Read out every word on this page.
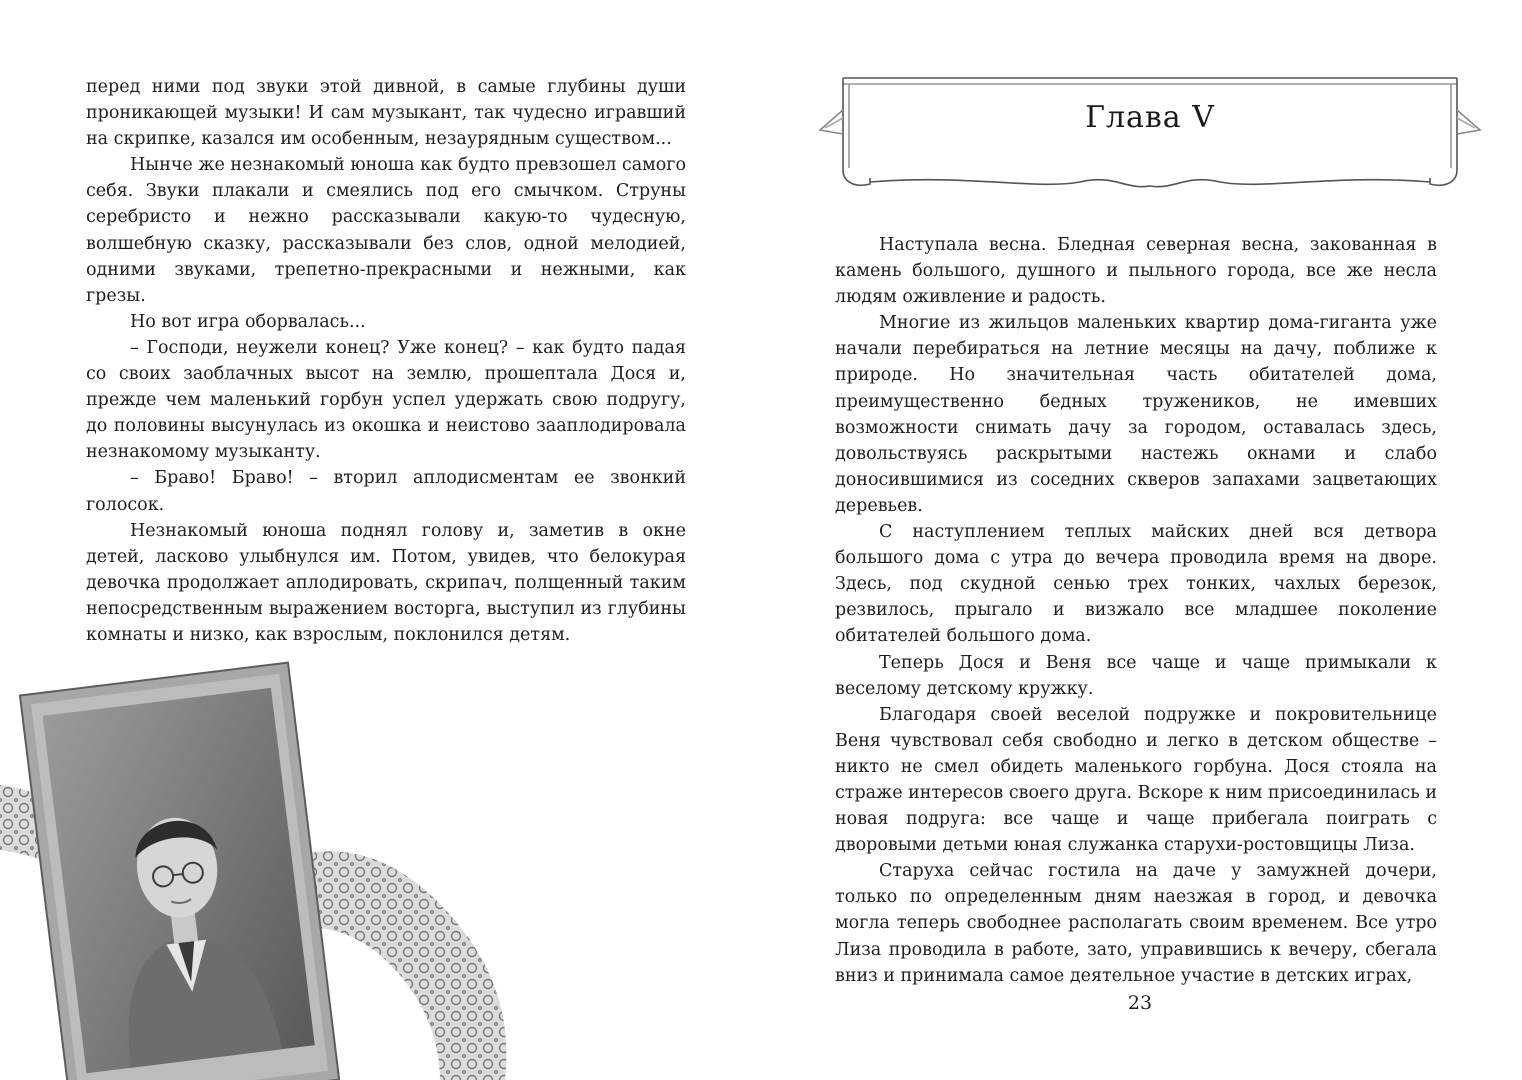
перед ними под звуки этой дивной, в самые глубины души проникающей музыки! И сам музыкант, так чудесно игравший на скрипке, казался им особенным, незаурядным существом...

Нынче же незнакомый юноша как будто превзошел самого себя. Звуки плакали и смеялись под его смычком. Струны серебристо и нежно рассказывали какую-то чудесную, волшебную сказку, рассказывали без слов, одной мелодией, одними звуками, трепетно-прекрасными и нежными, как грезы.

Но вот игра оборвалась...

– Господи, неужели конец? Уже конец? – как будто падая со своих заоблачных высот на землю, прошептала Дося и, прежде чем маленький горбун успел удержать свою подругу, до половины высунулась из окошка и неистово зааплодировала незнакомому музыканту.

– Браво! Браво! – вторил аплодисментам ее звонкий голосок.

Незнакомый юноша поднял голову и, заметив в окне детей, ласково улыбнулся им. Потом, увидев, что белокурая девочка продолжает аплодировать, скрипач, полщенный таким непосредственным выражением восторга, выступил из глубины комнаты и низко, как взрослым, поклонился детям.

Глава V

Наступала весна. Бледная северная весна, закованная в камень большого, душного и пыльного города, все же несла людям оживление и радость.

Многие из жильцов маленьких квартир дома-гиганта уже начали перебираться на летние месяцы на дачу, поближе к природе. Но значительная часть обитателей дома, преимущественно бедных тружеников, не имевших возможности снимать дачу за городом, оставалась здесь, довольствуясь раскрытыми настежь окнами и слабо доносившимися из соседних скверов запахами зацветающих деревьев.

С наступлением теплых майских дней вся детвора большого дома с утра до вечера проводила время на дворе. Здесь, под скудной сенью трех тонких, чахлых березок, резвилось, прыгало и визжало все младшее поколение обитателей большого дома.

Теперь Дося и Веня все чаще и чаще примыкали к веселому детскому кружку.

Благодаря своей веселой подружке и покровительнице Веня чувствовал себя свободно и легко в детском обществе – никто не смел обидеть маленького горбуна. Дося стояла на страже интересов своего друга. Вскоре к ним присоединилась и новая подруга: все чаще и чаще прибегала поиграть с дворовыми детьми юная служанка старухи-ростовщицы Лиза.

Старуха сейчас гостила на даче у замужней дочери, только по определенным дням наезжая в город, и девочка могла теперь свободнее располагать своим временем. Все утро Лиза проводила в работе, зато, управившись к вечеру, сбегала вниз и принимала самое деятельное участие в детских играх,

23
